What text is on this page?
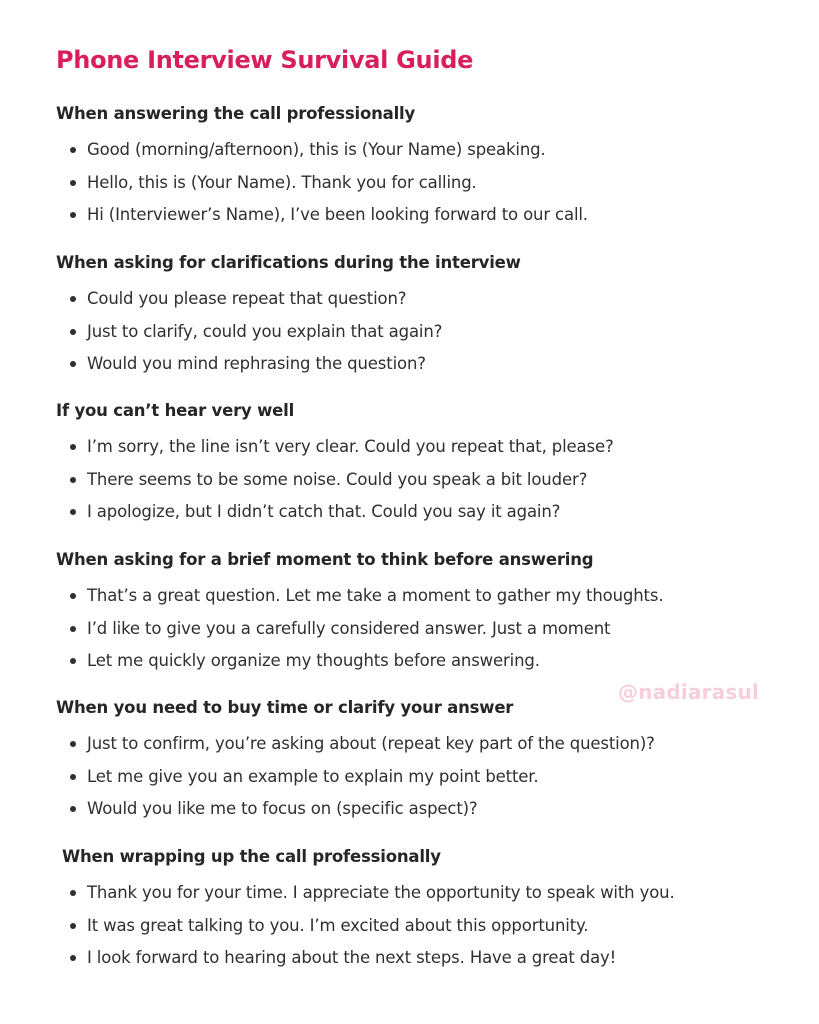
Phone Interview Survival Guide
When answering the call professionally
Good (morning/afternoon), this is (Your Name) speaking.
Hello, this is (Your Name). Thank you for calling.
Hi (Interviewer’s Name), I’ve been looking forward to our call.
When asking for clarifications during the interview
Could you please repeat that question?
Just to clarify, could you explain that again?
Would you mind rephrasing the question?
If you can’t hear very well
I’m sorry, the line isn’t very clear. Could you repeat that, please?
There seems to be some noise. Could you speak a bit louder?
I apologize, but I didn’t catch that. Could you say it again?
When asking for a brief moment to think before answering
That’s a great question. Let me take a moment to gather my thoughts.
I’d like to give you a carefully considered answer. Just a moment
Let me quickly organize my thoughts before answering.
@nadiarasul
When you need to buy time or clarify your answer
Just to confirm, you’re asking about (repeat key part of the question)?
Let me give you an example to explain my point better.
Would you like me to focus on (specific aspect)?
When wrapping up the call professionally
Thank you for your time. I appreciate the opportunity to speak with you.
It was great talking to you. I’m excited about this opportunity.
I look forward to hearing about the next steps. Have a great day!
